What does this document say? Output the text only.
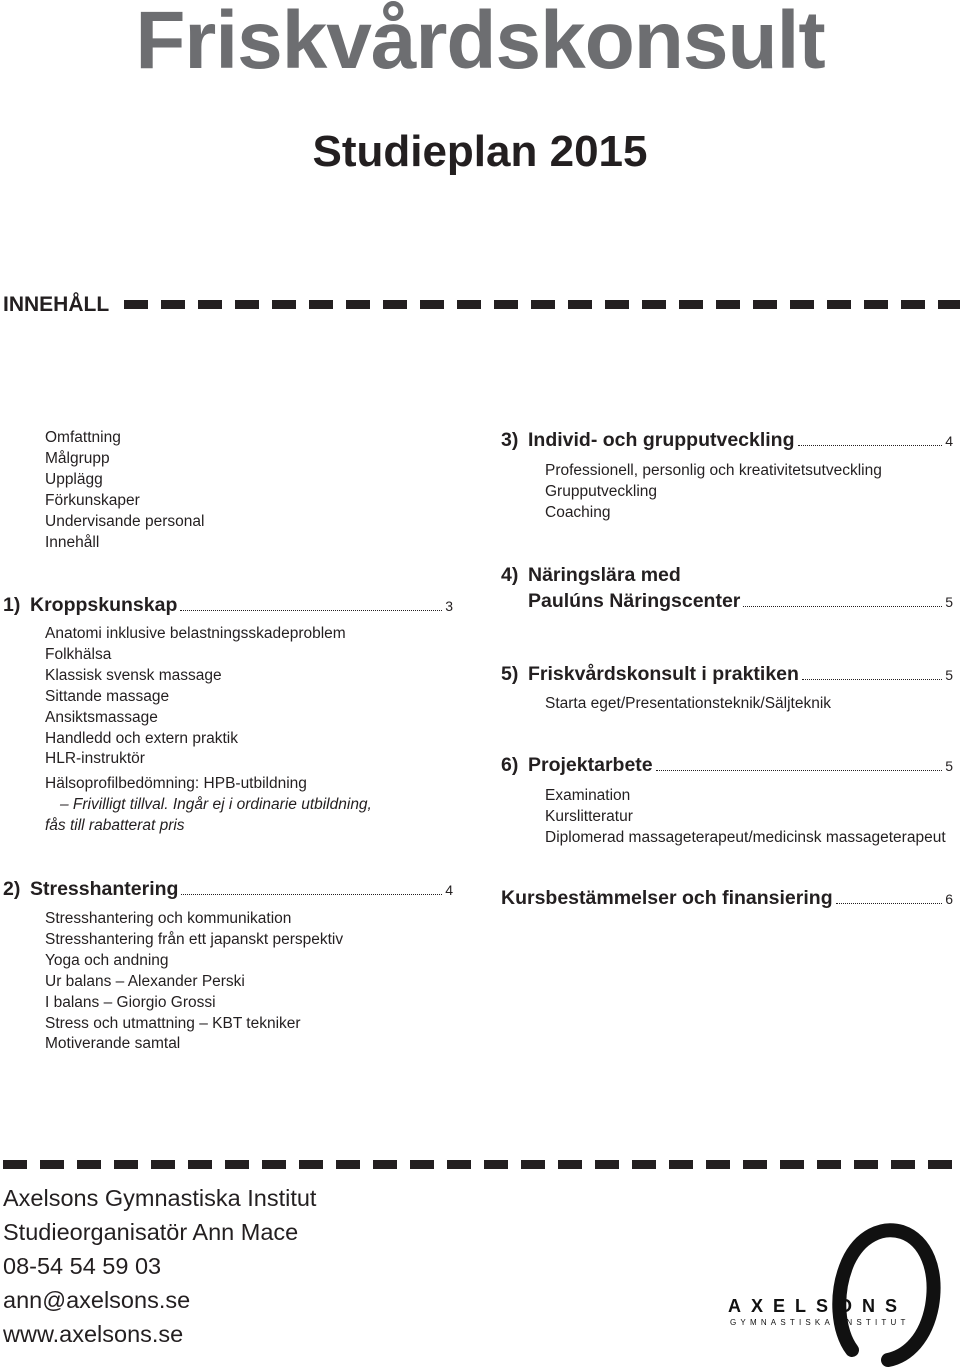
Friskvårdskonsult
Studieplan 2015
INNEHÅLL
Omfattning
Målgrupp
Upplägg
Förkunskaper
Undervisande personal
Innehåll
1) Kroppskunskap	3
Anatomi inklusive belastningsskadeproblem
Folkhälsa
Klassisk svensk massage
Sittande massage
Ansiktsmassage
Handledd och extern praktik
HLR-instruktör
Hälsoprofilbedömning: HPB-utbildning
– Frivilligt tillval. Ingår ej i ordinarie utbildning,
fås till rabatterat pris
2) Stresshantering	4
Stresshantering och kommunikation
Stresshantering från ett japanskt perspektiv
Yoga och andning
Ur balans – Alexander Perski
I balans – Giorgio Grossi
Stress och utmattning – KBT tekniker
Motiverande samtal
3) Individ- och grupputveckling	4
Professionell, personlig och kreativitetsutveckling
Grupputveckling
Coaching
4) Näringslära med
Paulúns Näringscenter	5
5) Friskvårdskonsult i praktiken	5
Starta eget/Presentationsteknik/Säljteknik
6) Projektarbete	5
Examination
Kurslitteratur
Diplomerad massageterapeut/medicinsk massageterapeut
Kursbestämmelser och finansiering	6
Axelsons Gymnastiska Institut
Studieorganisatör Ann Mace
08-54 54 59 03
ann@axelsons.se
www.axelsons.se
AXELSONS
GYMNASTISKA INSTITUT
